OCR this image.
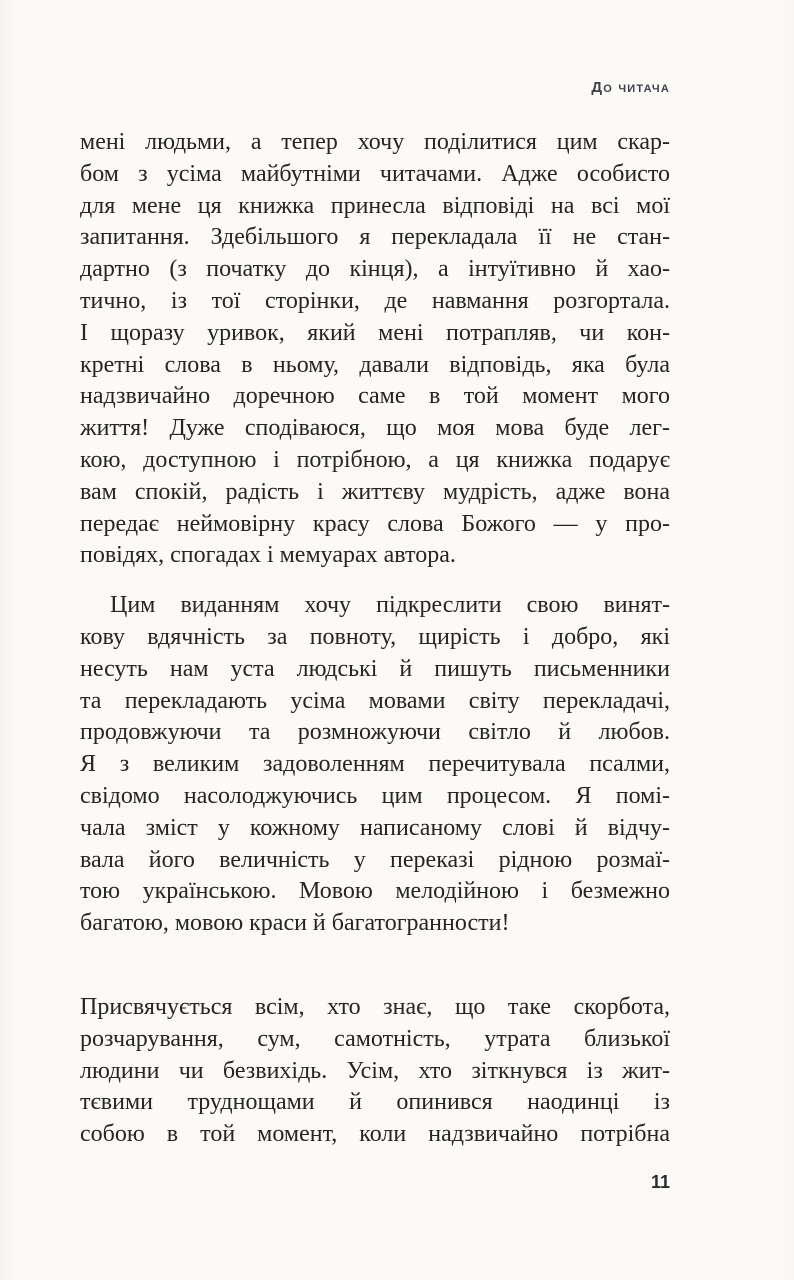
До читача
мені людьми, а тепер хочу поділитися цим скар-
бом з усіма майбутніми читачами. Адже особисто
для мене ця книжка принесла відповіді на всі мої
запитання. Здебільшого я перекладала її не стан-
дартно (з початку до кінця), а інтуїтивно й хао-
тично, із тої сторінки, де навмання розгортала.
І щоразу уривок, який мені потрапляв, чи кон-
кретні слова в ньому, давали відповідь, яка була
надзвичайно доречною саме в той момент мого
життя! Дуже сподіваюся, що моя мова буде лег-
кою, доступною і потрібною, а ця книжка подарує
вам спокій, радість і життєву мудрість, адже вона
передає неймовірну красу слова Божого — у про-
повідях, спогадах і мемуарах автора.
Цим виданням хочу підкреслити свою винят-
кову вдячність за повноту, щирість і добро, які
несуть нам уста людські й пишуть письменники
та перекладають усіма мовами світу перекладачі,
продовжуючи та розмножуючи світло й любов.
Я з великим задоволенням перечитувала псалми,
свідомо насолоджуючись цим процесом. Я помі-
чала зміст у кожному написаному слові й відчу-
вала його величність у переказі рідною розмаї-
тою українською. Мовою мелодійною і безмежно
багатою, мовою краси й багатогранности!
Присвячується всім, хто знає, що таке скорбота,
розчарування, сум, самотність, утрата близької
людини чи безвихідь. Усім, хто зіткнувся із жит-
тєвими труднощами й опинився наодинці із
собою в той момент, коли надзвичайно потрібна
11
